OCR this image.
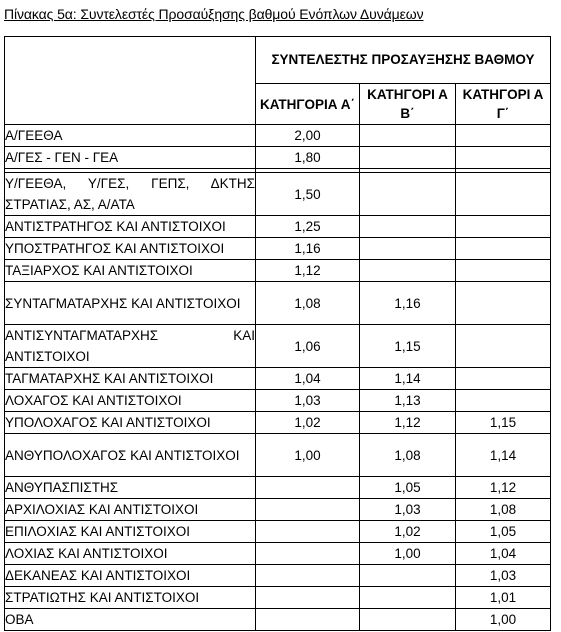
Πίνακας 5α: Συντελεστές Προσαύξησης βαθμού Ενόπλων Δυνάμεων
	ΣΥΝΤΕΛΕΣΤΗΣ ΠΡΟΣΑΥΞΗΣΗΣ ΒΑΘΜΟΥ		
	ΚΑΤΗΓΟΡΙΑ Α΄	ΚΑΤΗΓΟΡΙ Α Β΄	ΚΑΤΗΓΟΡΙ Α Γ΄
Α/ΓΕΕΘΑ	2,00		
Α/ΓΕΣ - ΓΕΝ - ΓΕΑ	1,80		

Υ/ΓΕΕΘΑ, Υ/ΓΕΣ, ΓΕΠΣ, ΔΚΤΗΣ ΣΤΡΑΤΙΑΣ, ΑΣ, Α/ΑΤΑ	1,50		
ΑΝΤΙΣΤΡΑΤΗΓΟΣ ΚΑΙ ΑΝΤΙΣΤΟΙΧΟΙ	1,25		
ΥΠΟΣΤΡΑΤΗΓΟΣ ΚΑΙ ΑΝΤΙΣΤΟΙΧΟΙ	1,16		
ΤΑΞΙΑΡΧΟΣ ΚΑΙ ΑΝΤΙΣΤΟΙΧΟΙ	1,12		
ΣΥΝΤΑΓΜΑΤΑΡΧΗΣ ΚΑΙ ΑΝΤΙΣΤΟΙΧΟΙ	1,08	1,16	
ΑΝΤΙΣΥΝΤΑΓΜΑΤΑΡΧΗΣ ΚΑΙ ΑΝΤΙΣΤΟΙΧΟΙ	1,06	1,15	
ΤΑΓΜΑΤΑΡΧΗΣ ΚΑΙ ΑΝΤΙΣΤΟΙΧΟΙ	1,04	1,14	
ΛΟΧΑΓΟΣ ΚΑΙ ΑΝΤΙΣΤΟΙΧΟΙ	1,03	1,13	
ΥΠΟΛΟΧΑΓΟΣ ΚΑΙ ΑΝΤΙΣΤΟΙΧΟΙ	1,02	1,12	1,15
ΑΝΘΥΠΟΛΟΧΑΓΟΣ ΚΑΙ ΑΝΤΙΣΤΟΙΧΟΙ	1,00	1,08	1,14
ΑΝΘΥΠΑΣΠΙΣΤΗΣ		1,05	1,12
ΑΡΧΙΛΟΧΙΑΣ ΚΑΙ ΑΝΤΙΣΤΟΙΧΟΙ		1,03	1,08
ΕΠΙΛΟΧΙΑΣ ΚΑΙ ΑΝΤΙΣΤΟΙΧΟΙ		1,02	1,05
ΛΟΧΙΑΣ ΚΑΙ ΑΝΤΙΣΤΟΙΧΟΙ		1,00	1,04
ΔΕΚΑΝΕΑΣ ΚΑΙ ΑΝΤΙΣΤΟΙΧΟΙ			1,03
ΣΤΡΑΤΙΩΤΗΣ ΚΑΙ ΑΝΤΙΣΤΟΙΧΟΙ			1,01
ΟΒΑ			1,00
